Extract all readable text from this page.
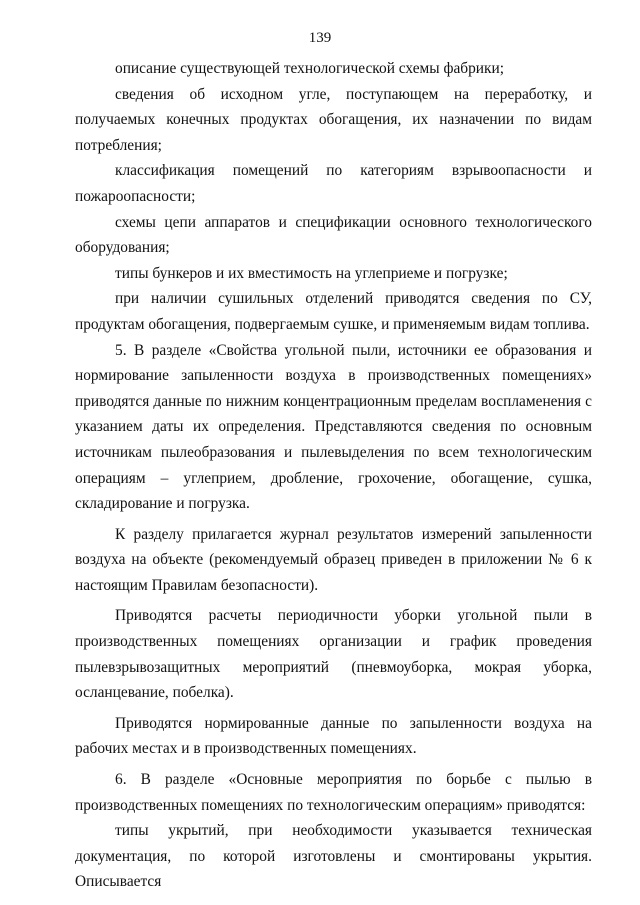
139

описание существующей технологической схемы фабрики;

сведения об исходном угле, поступающем на переработку, и получаемых конечных продуктах обогащения, их назначении по видам потребления;

классификация помещений по категориям взрывоопасности и пожароопасности;

схемы цепи аппаратов и спецификации основного технологического оборудования;

типы бункеров и их вместимость на углеприеме и погрузке;

при наличии сушильных отделений приводятся сведения по СУ, продуктам обогащения, подвергаемым сушке, и применяемым видам топлива.

5. В разделе «Свойства угольной пыли, источники ее образования и нормирование запыленности воздуха в производственных помещениях» приводятся данные по нижним концентрационным пределам воспламенения с указанием даты их определения. Представляются сведения по основным источникам пылеобразования и пылевыделения по всем технологическим операциям – углеприем, дробление, грохочение, обогащение, сушка, складирование и погрузка.

К разделу прилагается журнал результатов измерений запыленности воздуха на объекте (рекомендуемый образец приведен в приложении № 6 к настоящим Правилам безопасности).

Приводятся расчеты периодичности уборки угольной пыли в производственных помещениях организации и график проведения пылевзрывозащитных мероприятий (пневмоуборка, мокрая уборка, осланцевание, побелка).

Приводятся нормированные данные по запыленности воздуха на рабочих местах и в производственных помещениях.

6. В разделе «Основные мероприятия по борьбе с пылью в производственных помещениях по технологическим операциям» приводятся:

типы укрытий, при необходимости указывается техническая документация, по которой изготовлены и смонтированы укрытия. Описывается
